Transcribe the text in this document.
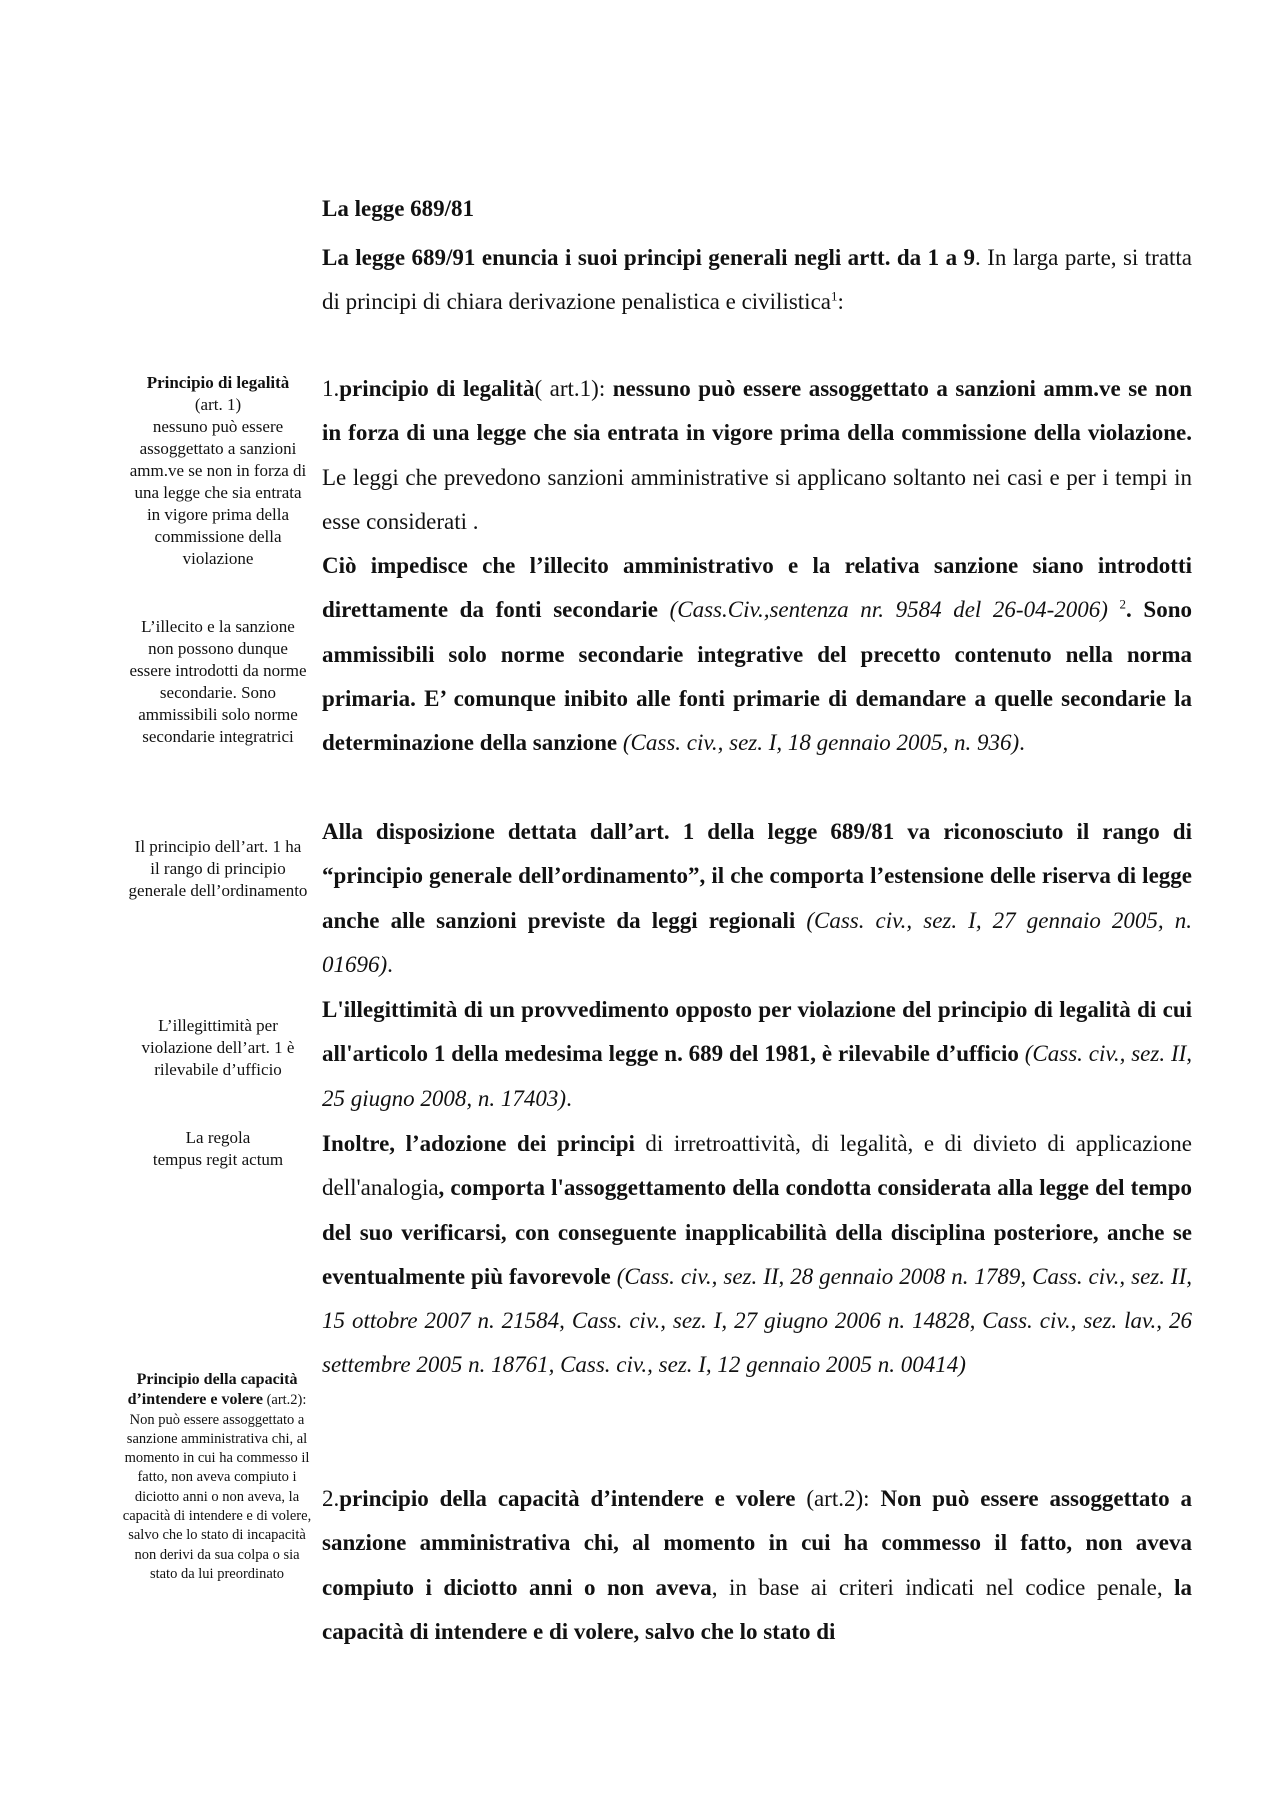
La legge 689/81
La legge 689/91 enuncia i suoi principi generali negli artt. da 1 a 9. In larga parte, si tratta di principi di chiara derivazione penalistica e civilistica$^1$:
Principio di legalità
(art. 1)
nessuno può essere assoggettato a sanzioni amm.ve se non in forza di una legge che sia entrata in vigore prima della commissione della violazione
L’illecito e la sanzione non possono dunque essere introdotti da norme secondarie. Sono ammissibili solo norme secondarie integratrici
Il principio dell’art. 1 ha il rango di principio generale dell’ordinamento
L’illegittimità per violazione dell’art. 1 è rilevabile d’ufficio
La regola
tempus regit actum
Principio della capacità d’intendere e volere (art.2): Non può essere assoggettato a sanzione amministrativa chi, al momento in cui ha commesso il fatto, non aveva compiuto i diciotto anni o non aveva, la capacità di intendere e di volere, salvo che lo stato di incapacità non derivi da sua colpa o sia stato da lui preordinato
1.principio di legalità( art.1): nessuno può essere assoggettato a sanzioni amm.ve se non in forza di una legge che sia entrata in vigore prima della commissione della violazione. Le leggi che prevedono sanzioni amministrative si applicano soltanto nei casi e per i tempi in esse considerati .
Ciò impedisce che l’illecito amministrativo e la relativa sanzione siano introdotti direttamente da fonti secondarie (Cass.Civ.,sentenza nr. 9584 del 26-04-2006) $^2$. Sono ammissibili solo norme secondarie integrative del precetto contenuto nella norma primaria. E’ comunque inibito alle fonti primarie di demandare a quelle secondarie la determinazione della sanzione (Cass. civ., sez. I, 18 gennaio 2005, n. 936).
Alla disposizione dettata dall’art. 1 della legge 689/81 va riconosciuto il rango di “principio generale dell’ordinamento”, il che comporta l’estensione delle riserva di legge anche alle sanzioni previste da leggi regionali (Cass. civ., sez. I, 27 gennaio 2005, n. 01696).
L'illegittimità di un provvedimento opposto per violazione del principio di legalità di cui all'articolo 1 della medesima legge n. 689 del 1981, è rilevabile d’ufficio (Cass. civ., sez. II, 25 giugno 2008, n. 17403).
Inoltre, l’adozione dei principi di irretroattività, di legalità, e di divieto di applicazione dell'analogia, comporta l'assoggettamento della condotta considerata alla legge del tempo del suo verificarsi, con conseguente inapplicabilità della disciplina posteriore, anche se eventualmente più favorevole (Cass. civ., sez. II, 28 gennaio 2008 n. 1789, Cass. civ., sez. II, 15 ottobre 2007 n. 21584, Cass. civ., sez. I, 27 giugno 2006 n. 14828, Cass. civ., sez. lav., 26 settembre 2005 n. 18761, Cass. civ., sez. I, 12 gennaio 2005 n. 00414)
2.principio della capacità d’intendere e volere (art.2): Non può essere assoggettato a sanzione amministrativa chi, al momento in cui ha commesso il fatto, non aveva compiuto i diciotto anni o non aveva, in base ai criteri indicati nel codice penale, la capacità di intendere e di volere, salvo che lo stato di
